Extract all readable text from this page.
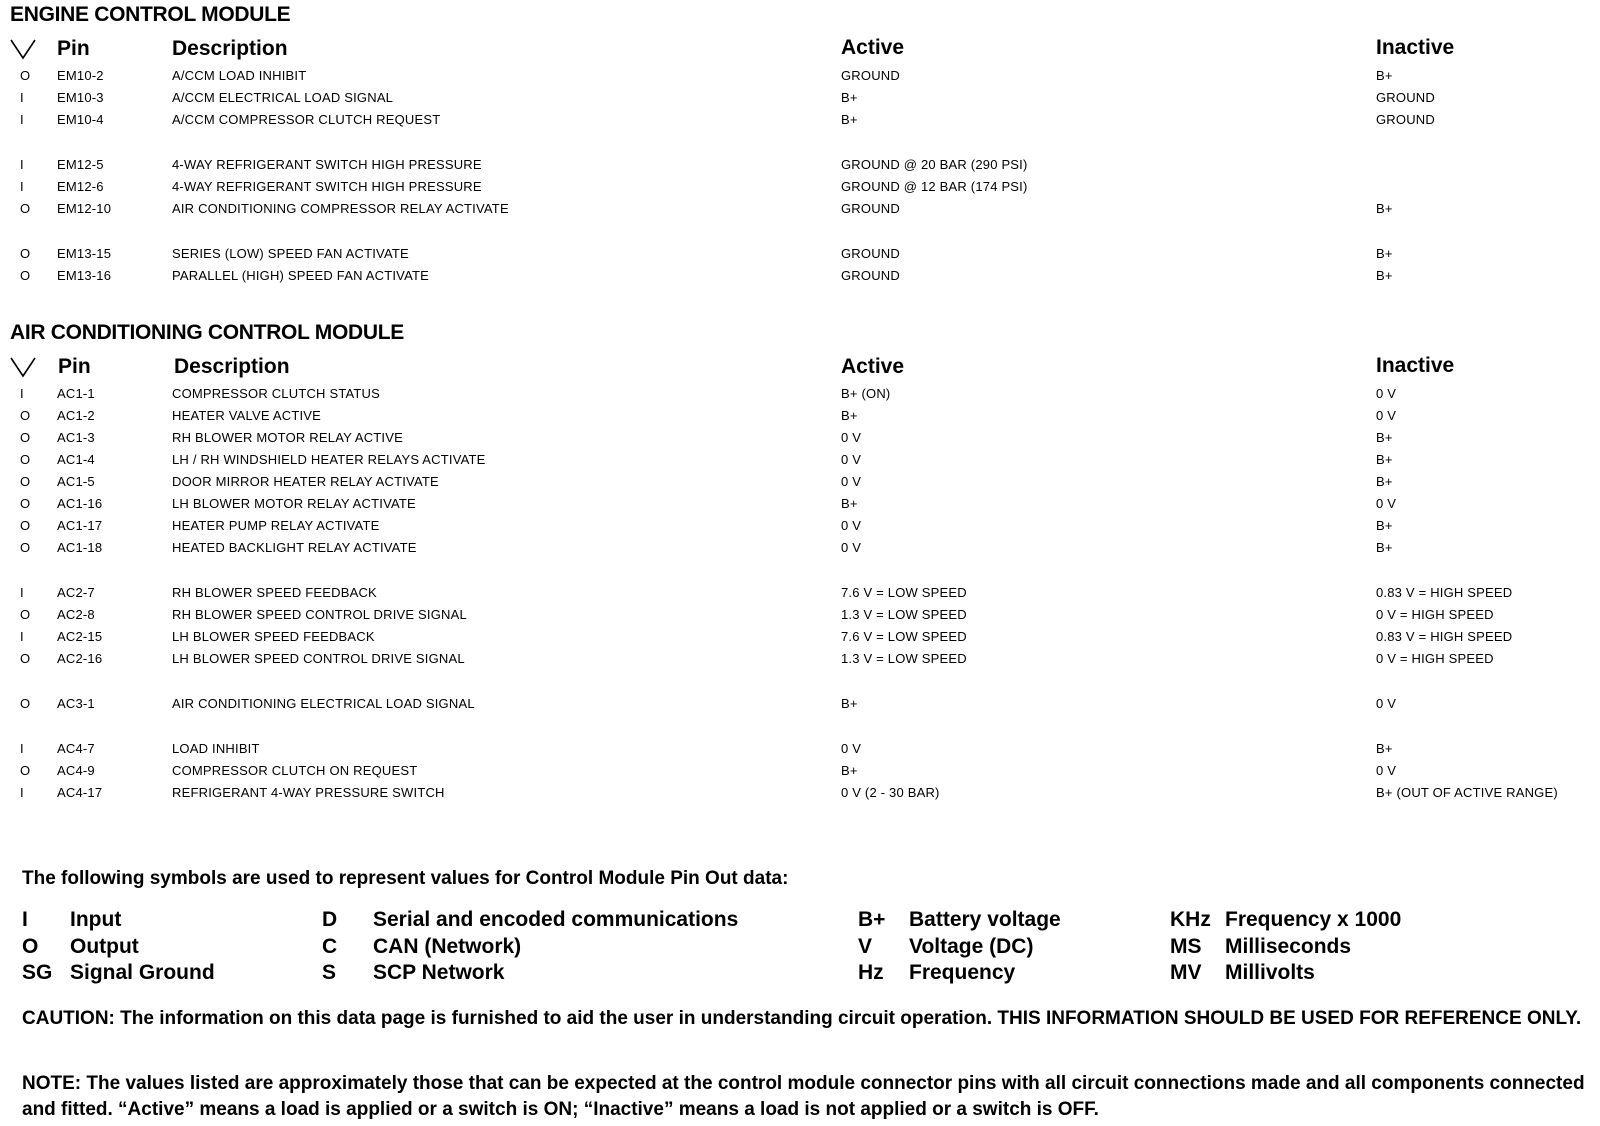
ENGINE CONTROL MODULE
Pin	Description	Active	Inactive
O EM10-2	A/CCM LOAD INHIBIT	GROUND	B+
I	EM10-3	A/CCM ELECTRICAL LOAD SIGNAL	B+	GROUND
I	EM10-4	A/CCM COMPRESSOR CLUTCH REQUEST	B+	GROUND
I	EM12-5	4-WAY REFRIGERANT SWITCH HIGH PRESSURE	GROUND @ 20 BAR (290 PSI)
I	EM12-6	4-WAY REFRIGERANT SWITCH HIGH PRESSURE	GROUND @ 12 BAR (174 PSI)
O EM12-10	AIR CONDITIONING COMPRESSOR RELAY ACTIVATE	GROUND	B+
O EM13-15	SERIES (LOW) SPEED FAN ACTIVATE	GROUND	B+
O EM13-16	PARALLEL (HIGH) SPEED FAN ACTIVATE	GROUND	B+
AIR CONDITIONING CONTROL MODULE
Pin	Description	Active	Inactive
I	AC1-1	COMPRESSOR CLUTCH STATUS	B+ (ON)	0 V
O AC1-2	HEATER VALVE ACTIVE	B+	0 V
O AC1-3	RH BLOWER MOTOR RELAY ACTIVE	0 V	B+
O AC1-4	LH / RH WINDSHIELD HEATER RELAYS ACTIVATE	0 V	B+
O AC1-5	DOOR MIRROR HEATER RELAY ACTIVATE	0 V	B+
O AC1-16	LH BLOWER MOTOR RELAY ACTIVATE	B+	0 V
O AC1-17	HEATER PUMP RELAY ACTIVATE	0 V	B+
O AC1-18	HEATED BACKLIGHT RELAY ACTIVATE	0 V	B+
I	AC2-7	RH BLOWER SPEED FEEDBACK	7.6 V = LOW SPEED	0.83 V = HIGH SPEED
O AC2-8	RH BLOWER SPEED CONTROL DRIVE SIGNAL	1.3 V = LOW SPEED	0 V = HIGH SPEED
I	AC2-15	LH BLOWER SPEED FEEDBACK	7.6 V = LOW SPEED	0.83 V = HIGH SPEED
O AC2-16	LH BLOWER SPEED CONTROL DRIVE SIGNAL	1.3 V = LOW SPEED	0 V = HIGH SPEED
O AC3-1	AIR CONDITIONING ELECTRICAL LOAD SIGNAL	B+	0 V
I	AC4-7	LOAD INHIBIT	0 V	B+
O AC4-9	COMPRESSOR CLUTCH ON REQUEST	B+	0 V
I	AC4-17	REFRIGERANT 4-WAY PRESSURE SWITCH	0 V (2 - 30 BAR)	B+ (OUT OF ACTIVE RANGE)
The following symbols are used to represent values for Control Module Pin Out data:
I Input
O Output
SG Signal Ground
D Serial and encoded communications
C CAN (Network)
S SCP Network
B+ Battery voltage
V Voltage (DC)
Hz Frequency
KHz Frequency x 1000
MS Milliseconds
MV Millivolts
CAUTION: The information on this data page is furnished to aid the user in understanding circuit operation. THIS INFORMATION SHOULD BE USED FOR REFERENCE ONLY.
NOTE: The values listed are approximately those that can be expected at the control module connector pins with all circuit connections made and all components connected and fitted. “Active” means a load is applied or a switch is ON; “Inactive” means a load is not applied or a switch is OFF.
